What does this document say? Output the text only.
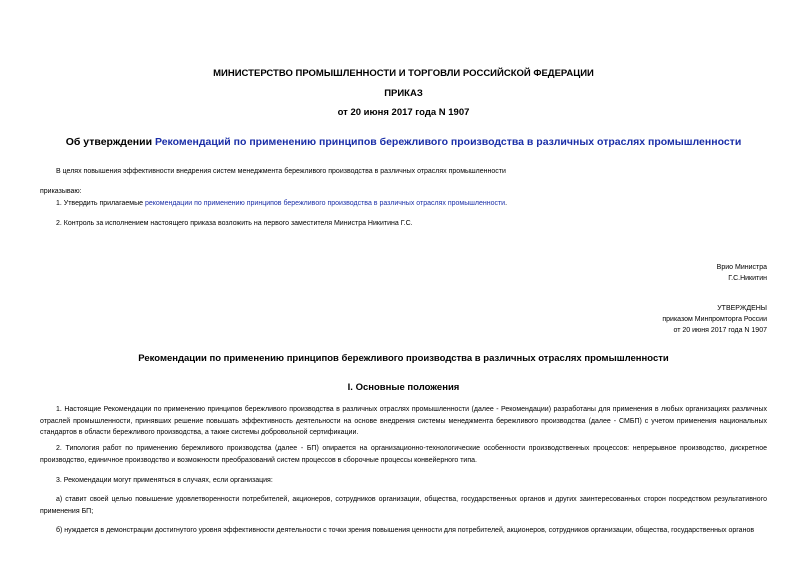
МИНИСТЕРСТВО ПРОМЫШЛЕННОСТИ И ТОРГОВЛИ РОССИЙСКОЙ ФЕДЕРАЦИИ
ПРИКАЗ
от 20 июня 2017 года N 1907
Об утверждении Рекомендаций по применению принципов бережливого производства в различных отраслях промышленности
В целях повышения эффективности внедрения систем менеджмента бережливого производства в различных отраслях промышленности
приказываю:
1. Утвердить прилагаемые рекомендации по применению принципов бережливого производства в различных отраслях промышленности.
2. Контроль за исполнением настоящего приказа возложить на первого заместителя Министра Никитина Г.С.
Врио Министра
Г.С.Никитин
УТВЕРЖДЕНЫ
приказом Минпромторга России
от 20 июня 2017 года N 1907
Рекомендации по применению принципов бережливого производства в различных отраслях промышленности
I. Основные положения
1. Настоящие Рекомендации по применению принципов бережливого производства в различных отраслях промышленности (далее - Рекомендации) разработаны для применения в любых организациях различных отраслей промышленности, принявших решение повышать эффективность деятельности на основе внедрения системы менеджмента бережливого производства (далее - СМБП) с учетом применения национальных стандартов в области бережливого производства, а также системы добровольной сертификации.
2. Типология работ по применению бережливого производства (далее - БП) опирается на организационно-технологические особенности производственных процессов: непрерывное производство, дискретное производство, единичное производство и возможности преобразований систем процессов в сборочные процессы конвейерного типа.
3. Рекомендации могут применяться в случаях, если организация:
а) ставит своей целью повышение удовлетворенности потребителей, акционеров, сотрудников организации, общества, государственных органов и других заинтересованных сторон посредством результативного применения БП;
б) нуждается в демонстрации достигнутого уровня эффективности деятельности с точки зрения повышения ценности для потребителей, акционеров, сотрудников организации, общества, государственных органов
